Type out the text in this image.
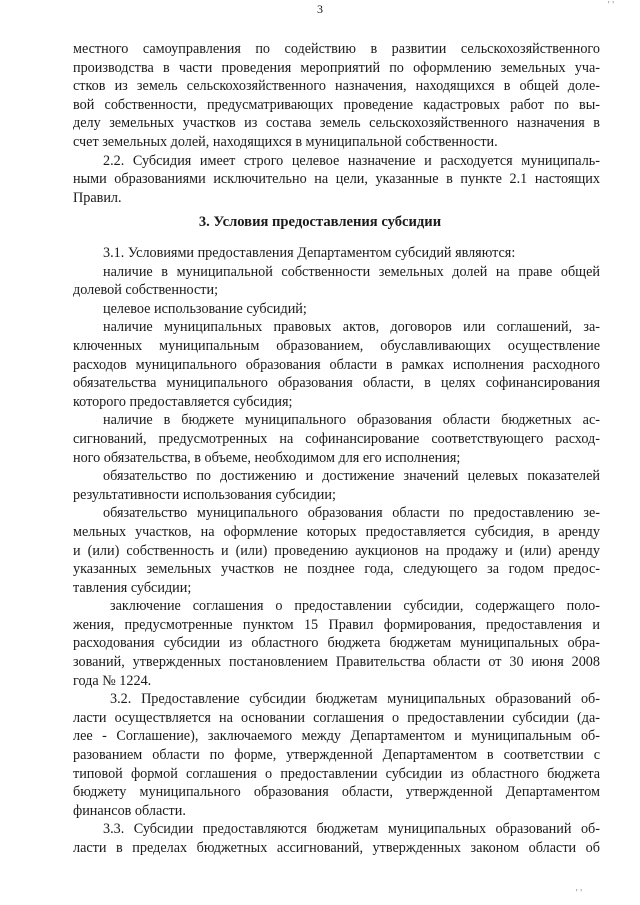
3	' '
местного самоуправления по содействию в развитии сельскохозяйственного
производства в части проведения мероприятий по оформлению земельных уча-
стков из земель сельскохозяйственного назначения, находящихся в общей доле-
вой собственности, предусматривающих проведение кадастровых работ по вы-
делу земельных участков из состава земель сельскохозяйственного назначения в
счет земельных долей, находящихся в муниципальной собственности.
2.2. Субсидия имеет строго целевое назначение и расходуется муниципаль-
ными образованиями исключительно на цели, указанные в пункте 2.1 настоящих
Правил.
3. Условия предоставления субсидии
3.1. Условиями предоставления Департаментом субсидий являются:
наличие в муниципальной собственности земельных долей на праве общей
долевой собственности;
целевое использование субсидий;
наличие муниципальных правовых актов, договоров или соглашений, за-
ключенных муниципальным образованием, обуславливающих осуществление
расходов муниципального образования области в рамках исполнения расходного
обязательства муниципального образования области, в целях софинансирования
которого предоставляется субсидия;
наличие в бюджете муниципального образования области бюджетных ас-
сигнований, предусмотренных на софинансирование соответствующего расход-
ного обязательства, в объеме, необходимом для его исполнения;
обязательство по достижению и достижение значений целевых показателей
результативности использования субсидии;
обязательство муниципального образования области по предоставлению зе-
мельных участков, на оформление которых предоставляется субсидия, в аренду
и (или) собственность и (или) проведению аукционов на продажу и (или) аренду
указанных земельных участков не позднее года, следующего за годом предос-
тавления субсидии;
заключение соглашения о предоставлении субсидии, содержащего поло-
жения, предусмотренные пунктом 15 Правил формирования, предоставления и
расходования субсидии из областного бюджета бюджетам муниципальных обра-
зований, утвержденных постановлением Правительства области от 30 июня 2008
года № 1224.
3.2. Предоставление субсидии бюджетам муниципальных образований об-
ласти осуществляется на основании соглашения о предоставлении субсидии (да-
лее - Соглашение), заключаемого между Департаментом и муниципальным об-
разованием области по форме, утвержденной Департаментом в соответствии с
типовой формой соглашения о предоставлении субсидии из областного бюджета
бюджету муниципального образования области, утвержденной Департаментом
финансов области.
3.3. Субсидии предоставляются бюджетам муниципальных образований об-
ласти в пределах бюджетных ассигнований, утвержденных законом области об
' '
